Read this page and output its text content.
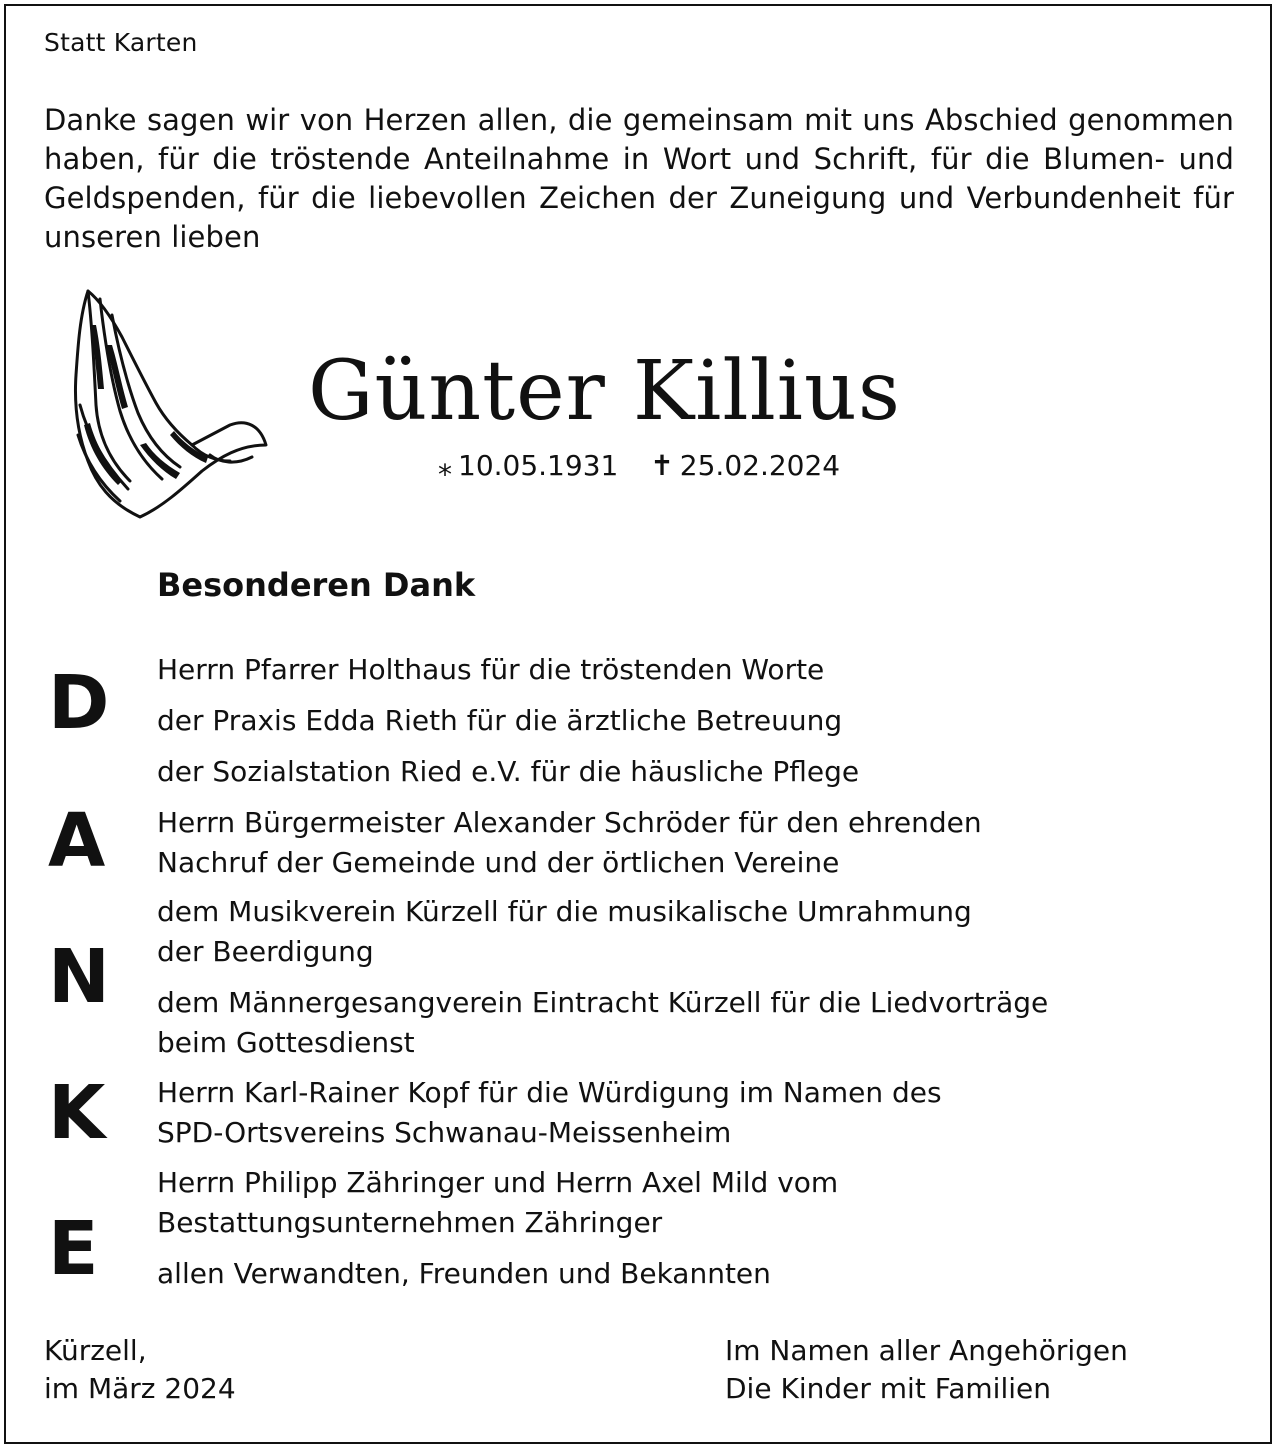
Statt Karten
Danke sagen wir von Herzen allen, die gemeinsam mit uns Abschied genommen haben, für die tröstende Anteilnahme in Wort und Schrift, für die Blumen- und Geldspenden, für die liebevollen Zeichen der Zuneigung und Verbundenheit für unseren lieben
Günter Killius
⁎ 10.05.1931 ✝ 25.02.2024
Besonderen Dank
D
A
N
K
E
Herrn Pfarrer Holthaus für die tröstenden Worte
der Praxis Edda Rieth für die ärztliche Betreuung
der Sozialstation Ried e.V. für die häusliche Pflege
Herrn Bürgermeister Alexander Schröder für den ehrenden
Nachruf der Gemeinde und der örtlichen Vereine
dem Musikverein Kürzell für die musikalische Umrahmung
der Beerdigung
dem Männergesangverein Eintracht Kürzell für die Liedvorträge
beim Gottesdienst
Herrn Karl-Rainer Kopf für die Würdigung im Namen des
SPD-Ortsvereins Schwanau-Meissenheim
Herrn Philipp Zähringer und Herrn Axel Mild vom
Bestattungsunternehmen Zähringer
allen Verwandten, Freunden und Bekannten
Kürzell,
im März 2024
Im Namen aller Angehörigen
Die Kinder mit Familien
